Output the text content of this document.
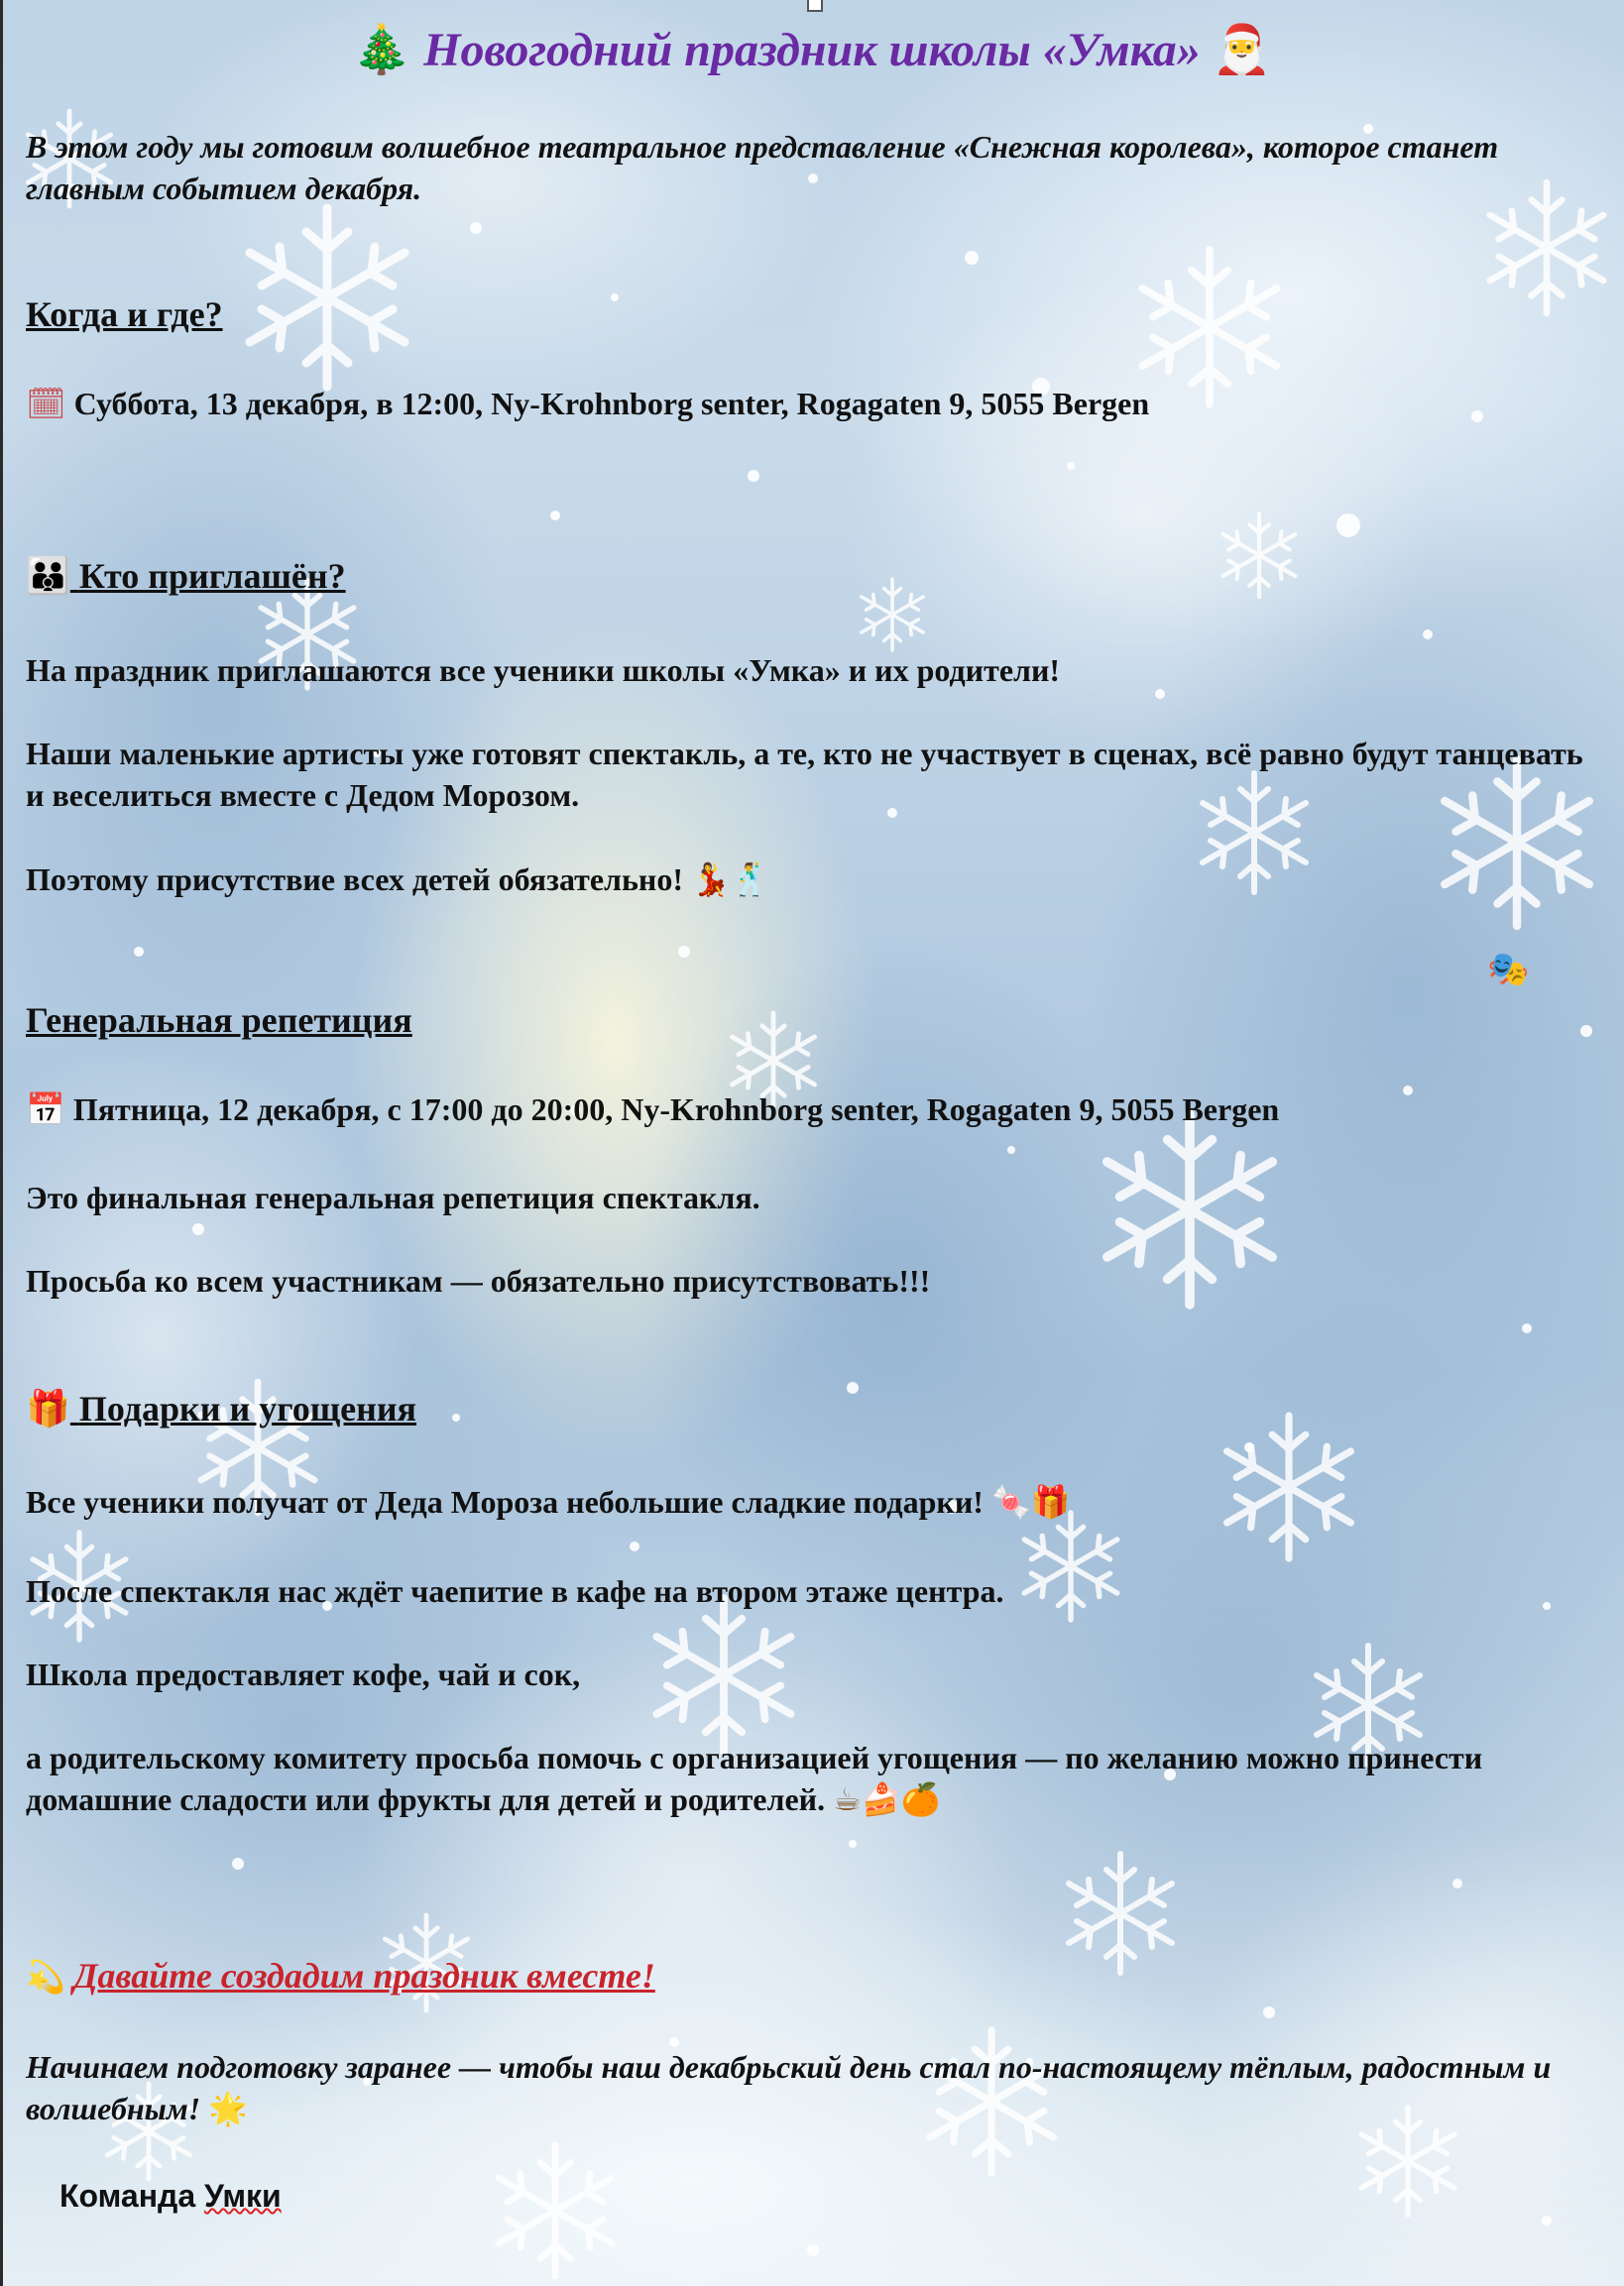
🎄 Новогодний праздник школы «Умка» 🎅

В этом году мы готовим волшебное театральное представление «Снежная королева», которое станет главным событием декабря.

Когда и где?

🗓 Суббота, 13 декабря, в 12:00, Ny-Krohnborg senter, Rogagaten 9, 5055 Bergen

👪 Кто приглашён?

На праздник приглашаются все ученики школы «Умка» и их родители!

Наши маленькие артисты уже готовят спектакль, а те, кто не участвует в сценах, всё равно будут танцевать и веселиться вместе с Дедом Морозом.

Поэтому присутствие всех детей обязательно! 💃🕺

🎭

Генеральная репетиция

📅 Пятница, 12 декабря, с 17:00 до 20:00, Ny-Krohnborg senter, Rogagaten 9, 5055 Bergen

Это финальная генеральная репетиция спектакля.

Просьба ко всем участникам — обязательно присутствовать!!!

🎁 Подарки и угощения

Все ученики получат от Деда Мороза небольшие сладкие подарки! 🍬🎁

После спектакля нас ждёт чаепитие в кафе на втором этаже центра.

Школа предоставляет кофе, чай и сок,

а родительскому комитету просьба помочь с организацией угощения — по желанию можно принести домашние сладости или фрукты для детей и родителей. ☕🍰🍊

💫 Давайте создадим праздник вместе!

Начинаем подготовку заранее — чтобы наш декабрьский день стал по-настоящему тёплым, радостным и волшебным! 🌟

Команда Умки
